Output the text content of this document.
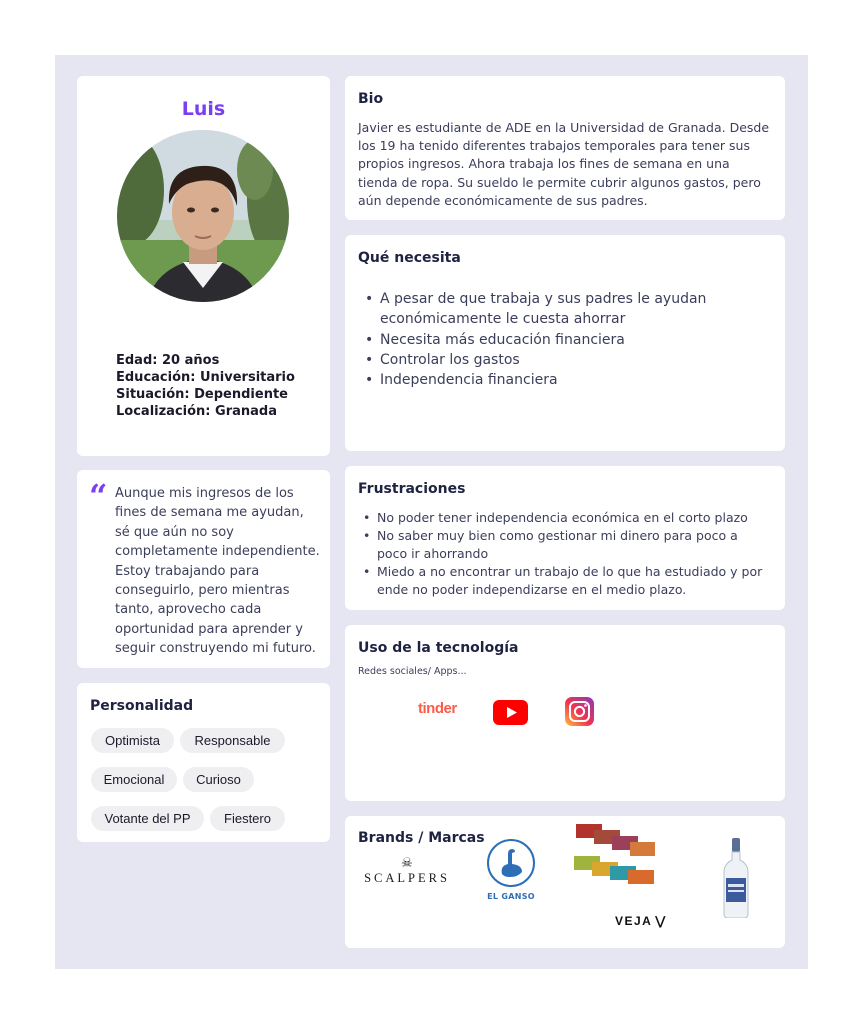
Luis
Edad: 20 años
Educación: Universitario
Situación: Dependiente
Localización: Granada
“ Aunque mis ingresos de los fines de semana me ayudan, sé que aún no soy completamente independiente. Estoy trabajando para conseguirlo, pero mientras tanto, aprovecho cada oportunidad para aprender y seguir construyendo mi futuro.
Personalidad
Optimista	Responsable
Emocional	Curioso
Votante del PP	Fiestero
Bio
Javier es estudiante de ADE en la Universidad de Granada. Desde los 19 ha tenido diferentes trabajos temporales para tener sus propios ingresos. Ahora trabaja los fines de semana en una tienda de ropa. Su sueldo le permite cubrir algunos gastos, pero aún depende económicamente de sus padres.
Qué necesita
• A pesar de que trabaja y sus padres le ayudan económicamente le cuesta ahorrar
• Necesita más educación financiera
• Controlar los gastos
• Independencia financiera
Frustraciones
• No poder tener independencia económica en el corto plazo
• No saber muy bien como gestionar mi dinero para poco a poco ir ahorrando
• Miedo a no encontrar un trabajo de lo que ha estudiado y por ende no poder independizarse en el medio plazo.
Uso de la tecnología
Redes sociales/ Apps...
tinder
Brands / Marcas
☠
SCALPERS
EL GANSO
VEJA ⋁
